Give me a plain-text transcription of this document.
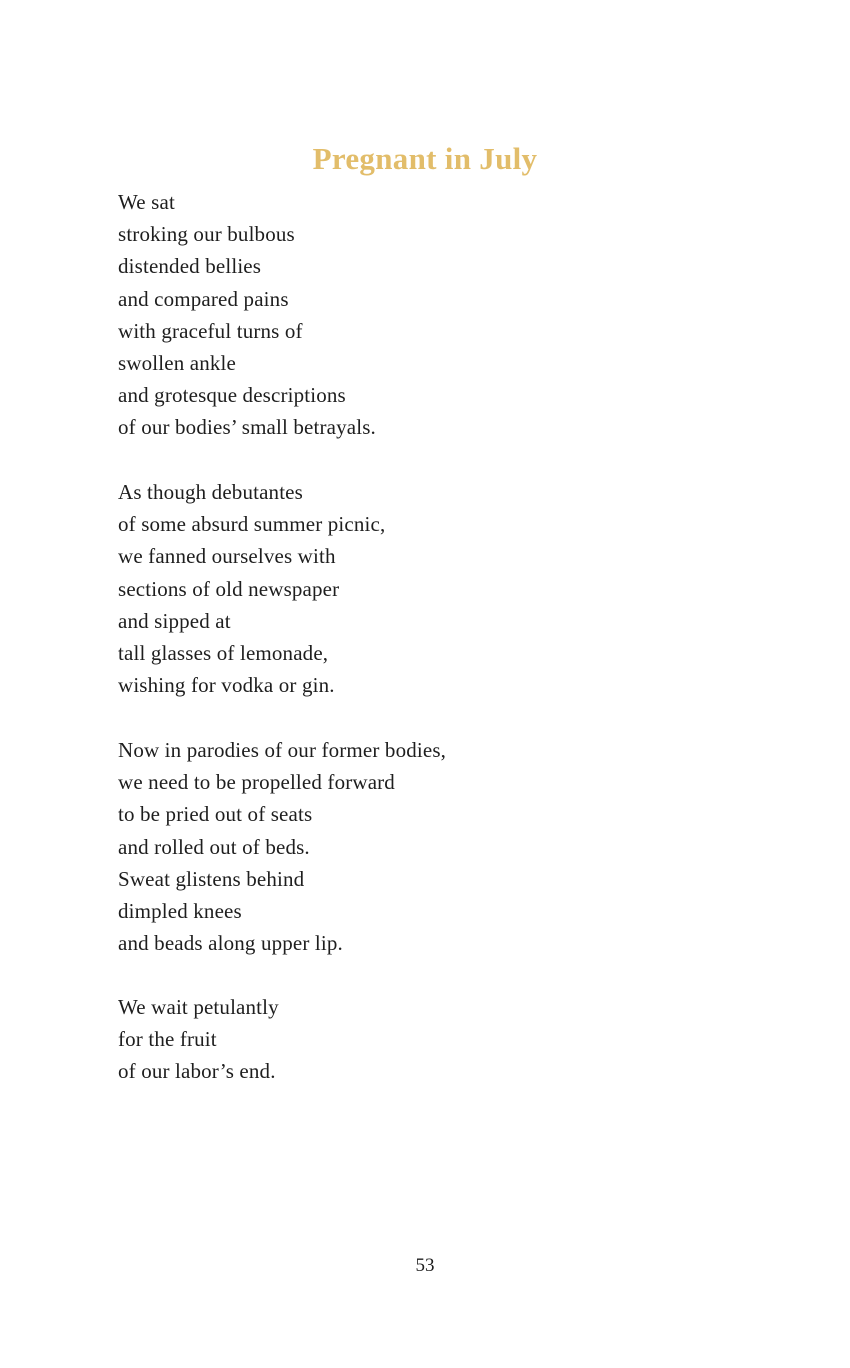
Pregnant in July
We sat
stroking our bulbous
distended bellies
and compared pains
with graceful turns of
swollen ankle
and grotesque descriptions
of our bodies’ small betrayals.
As though debutantes
of some absurd summer picnic,
we fanned ourselves with
sections of old newspaper
and sipped at
tall glasses of lemonade,
wishing for vodka or gin.
Now in parodies of our former bodies,
we need to be propelled forward
to be pried out of seats
and rolled out of beds.
Sweat glistens behind
dimpled knees
and beads along upper lip.
We wait petulantly
for the fruit
of our labor’s end.
53
